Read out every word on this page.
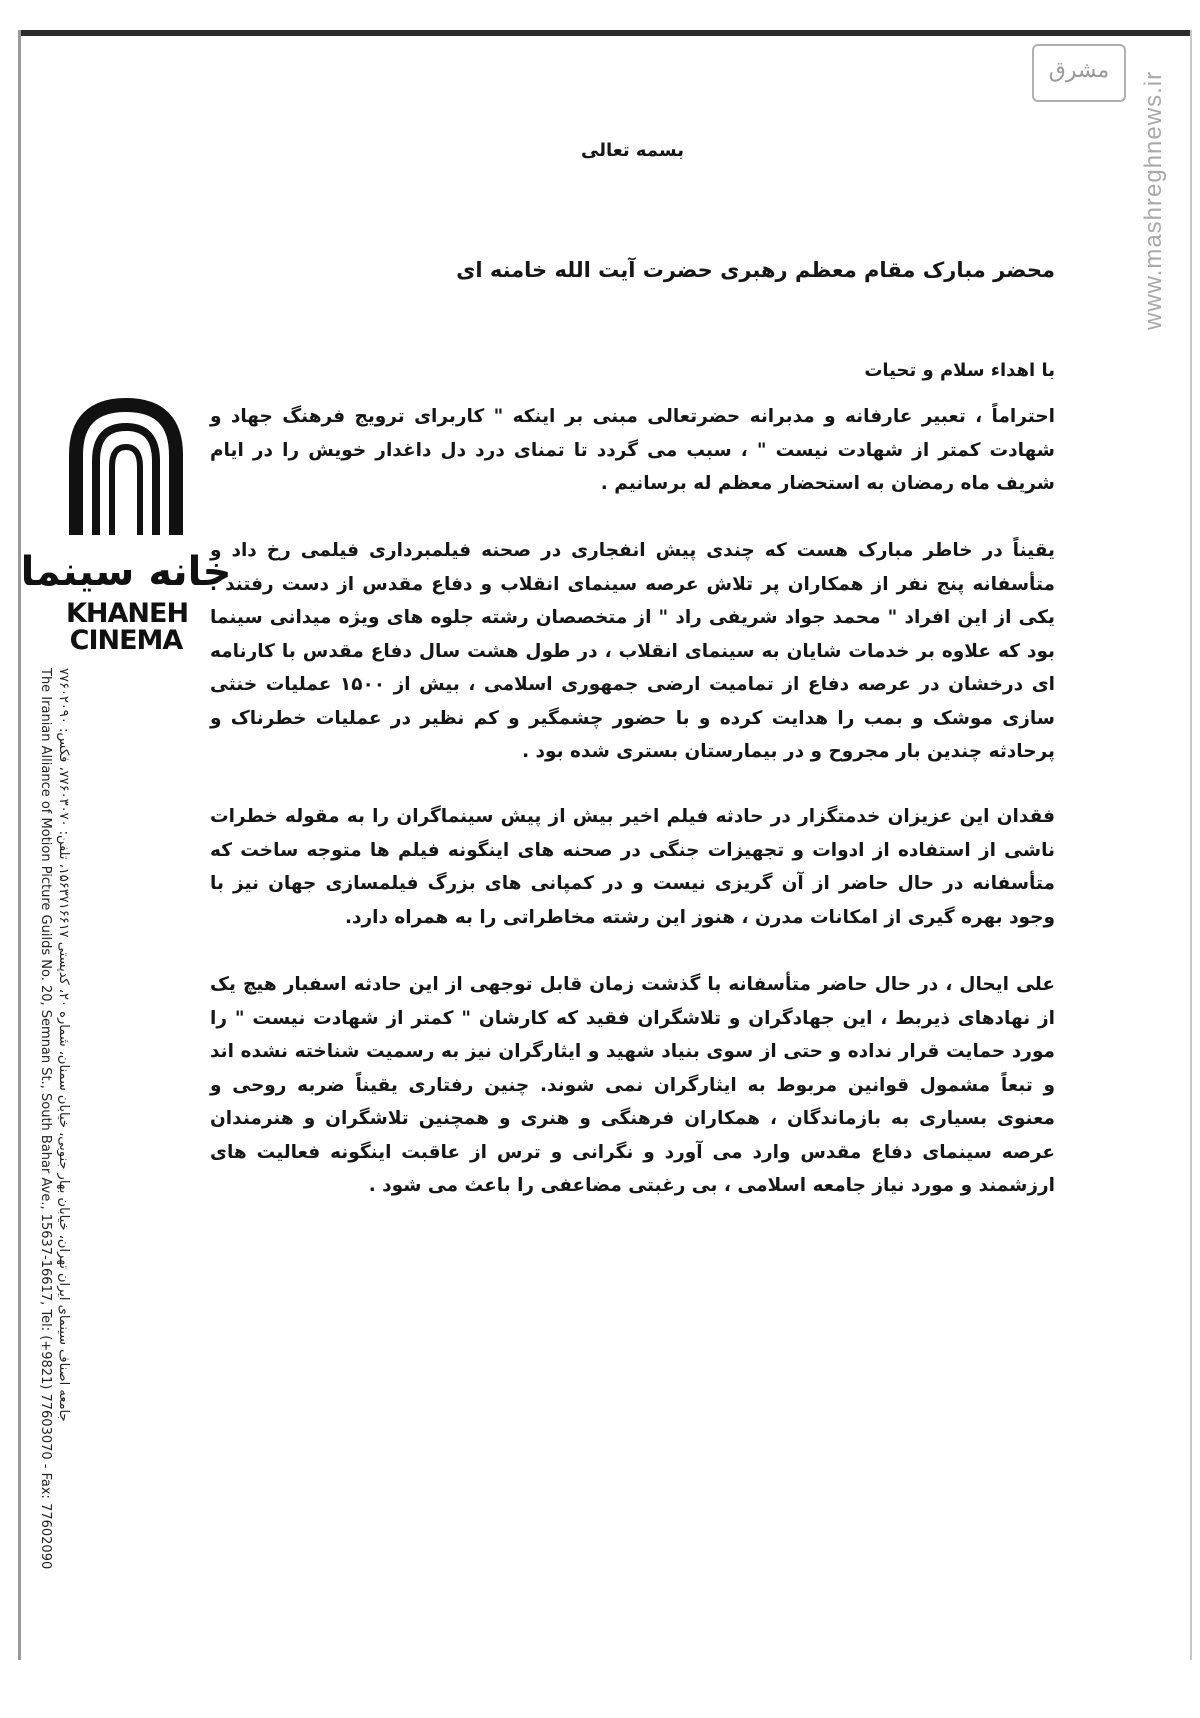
مشرق
www.mashreghnews.ir
خانه سینما
KHANEH
CINEMA
جامعه اصناف سینمای ایران تهران، خیابان بهار جنوبی، خیابان سمنان، شماره ۲۰، کدپستی ۱۵۶۳۷۱۶۶۱۷، تلفن: ۷۷۶۰۳۰۷۰، فکس: ۷۷۶۰۲۰۹۰
The Iranian Alliance of Motion Picture Guilds No. 20, Semnan St., South Bahar Ave., 15637-16617, Tel: (+9821) 77603070 - Fax: 77602090
بسمه تعالی
محضر مبارک مقام معظم رهبری حضرت آیت الله خامنه ای
با اهداء سلام و تحیات
احتراماً ، تعبیر عارفانه و مدبرانه حضرتعالی مبنی بر اینکه " کاربرای ترویج فرهنگ جهاد و شهادت کمتر از شهادت نیست " ، سبب می گردد تا تمنای درد دل داغدار خویش را در ایام شریف ماه رمضان به استحضار معظم له برسانیم .
یقیناً در خاطر مبارک هست که چندی پیش انفجاری در صحنه فیلمبرداری فیلمی رخ داد و متأسفانه پنج نفر از همکاران پر تلاش عرصه سینمای انقلاب و دفاع مقدس از دست رفتند . یکی از این افراد " محمد جواد شریفی راد " از متخصصان رشته جلوه های ویژه میدانی سینما بود که علاوه بر خدمات شایان به سینمای انقلاب ، در طول هشت سال دفاع مقدس با کارنامه ای درخشان در عرصه دفاع از تمامیت ارضی جمهوری اسلامی ، بیش از ۱۵۰۰ عملیات خنثی سازی موشک و بمب را هدایت کرده و با حضور چشمگیر و کم نظیر در عملیات خطرناک و پرحادثه چندین بار مجروح و در بیمارستان بستری شده بود .
فقدان این عزیزان خدمتگزار در حادثه فیلم اخیر بیش از پیش سینماگران را به مقوله خطرات ناشی از استفاده از ادوات و تجهیزات جنگی در صحنه های اینگونه فیلم ها متوجه ساخت که متأسفانه در حال حاضر از آن گریزی نیست و در کمپانی های بزرگ فیلمسازی جهان نیز با وجود بهره گیری از امکانات مدرن ، هنوز این رشته مخاطراتی را به همراه دارد.
علی ایحال ، در حال حاضر متأسفانه با گذشت زمان قابل توجهی از این حادثه اسفبار هیچ یک از نهادهای ذیربط ، این جهادگران و تلاشگران فقید که کارشان " کمتر از شهادت نیست " را مورد حمایت قرار نداده و حتی از سوی بنیاد شهید و ایثارگران نیز به رسمیت شناخته نشده اند و تبعاً مشمول قوانین مربوط به ایثارگران نمی شوند. چنین رفتاری یقیناً ضربه روحی و معنوی بسیاری به بازماندگان ، همکاران فرهنگی و هنری و همچنین تلاشگران و هنرمندان عرصه سینمای دفاع مقدس وارد می آورد و نگرانی و ترس از عاقبت اینگونه فعالیت های ارزشمند و مورد نیاز جامعه اسلامی ، بی رغبتی مضاعفی را باعث می شود .
